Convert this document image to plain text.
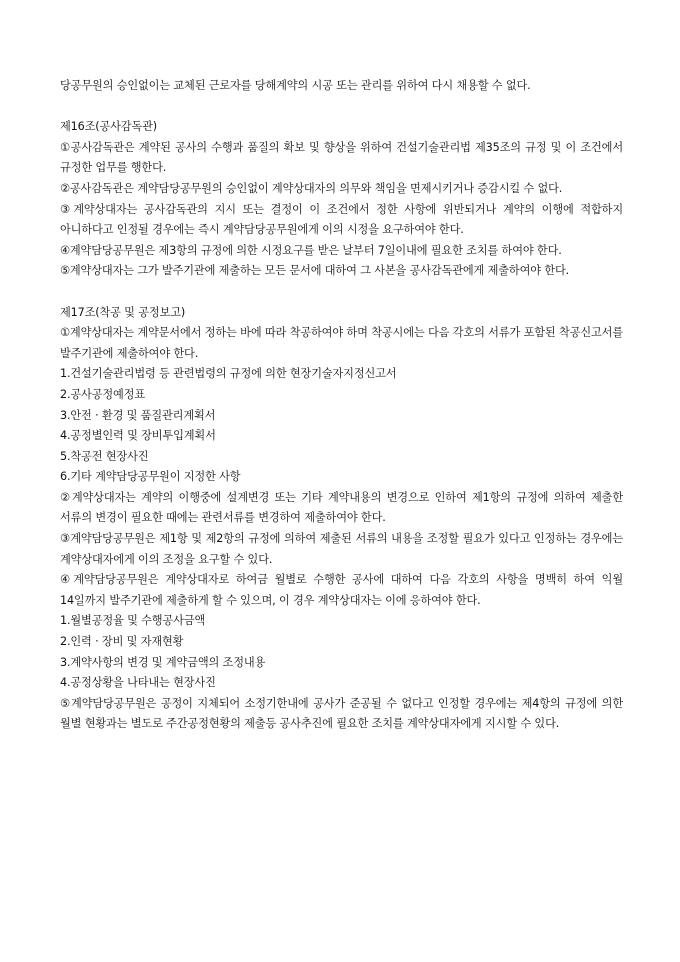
당공무원의 승인없이는 교체된 근로자를 당해계약의 시공 또는 관리를 위하여 다시 채용할 수 없다.

제16조(공사감독관)

①공사감독관은 계약된 공사의 수행과 품질의 확보 및 향상을 위하여 건설기술관리법 제35조의 규정 및 이 조건에서 규정한 업무를 행한다.

②공사감독관은 계약담당공무원의 승인없이 계약상대자의 의무와 책임을 면제시키거나 증감시킬 수 없다.

③계약상대자는 공사감독관의 지시 또는 결정이 이 조건에서 정한 사항에 위반되거나 계약의 이행에 적합하지 아니하다고 인정될 경우에는 즉시 계약담당공무원에게 이의 시정을 요구하여야 한다.

④계약담당공무원은 제3항의 규정에 의한 시정요구를 받은 날부터 7일이내에 필요한 조치를 하여야 한다.

⑤계약상대자는 그가 발주기관에 제출하는 모든 문서에 대하여 그 사본을 공사감독관에게 제출하여야 한다.

제17조(착공 및 공정보고)

①계약상대자는 계약문서에서 정하는 바에 따라 착공하여야 하며 착공시에는 다음 각호의 서류가 포함된 착공신고서를 발주기관에 제출하여야 한다.

1.건설기술관리법령 등 관련법령의 규정에 의한 현장기술자지정신고서

2.공사공정예정표

3.안전 · 환경 및 품질관리계획서

4.공정별인력 및 장비투입계획서

5.착공전 현장사진

6.기타 계약담당공무원이 지정한 사항

②계약상대자는 계약의 이행중에 설계변경 또는 기타 계약내용의 변경으로 인하여 제1항의 규정에 의하여 제출한 서류의 변경이 필요한 때에는 관련서류를 변경하여 제출하여야 한다.

③계약담당공무원은 제1항 및 제2항의 규정에 의하여 제출된 서류의 내용을 조정할 필요가 있다고 인정하는 경우에는 계약상대자에게 이의 조정을 요구할 수 있다.

④계약담당공무원은 계약상대자로 하여금 월별로 수행한 공사에 대하여 다음 각호의 사항을 명백히 하여 익월 14일까지 발주기관에 제출하게 할 수 있으며, 이 경우 계약상대자는 이에 응하여야 한다.

1.월별공정율 및 수행공사금액

2.인력 · 장비 및 자재현황

3.계약사항의 변경 및 계약금액의 조정내용

4.공정상황을 나타내는 현장사진

⑤계약담당공무원은 공정이 지체되어 소정기한내에 공사가 준공될 수 없다고 인정할 경우에는 제4항의 규정에 의한 월별 현황과는 별도로 주간공정현황의 제출등 공사추진에 필요한 조치를 계약상대자에게 지시할 수 있다.
